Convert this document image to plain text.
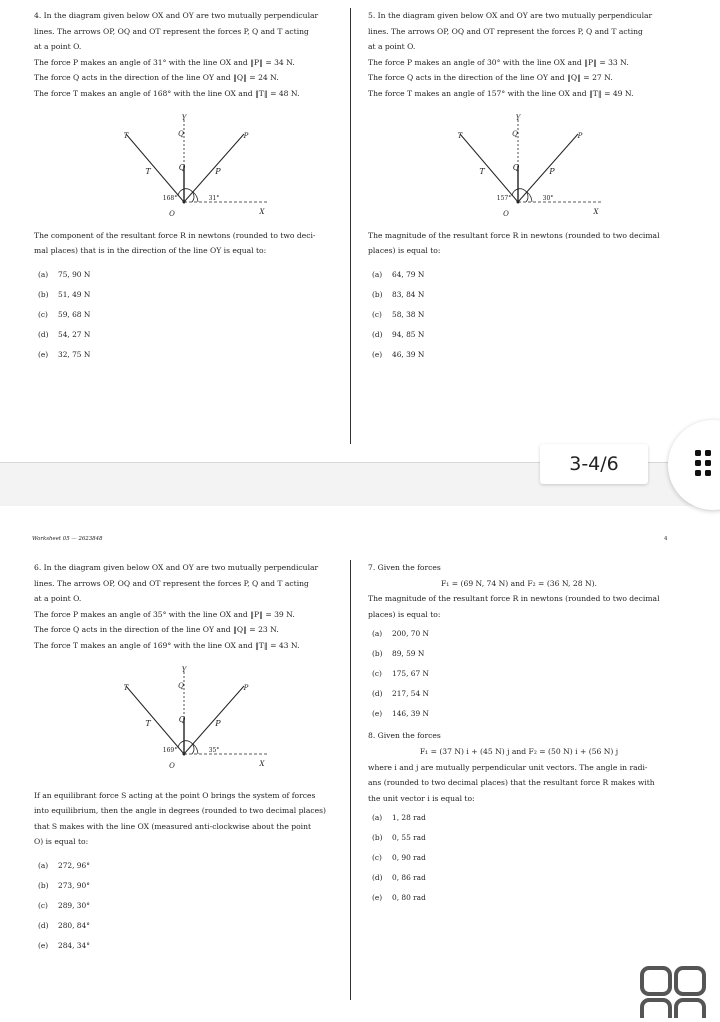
4. In the diagram given below OX and OY are two mutually perpendicular

lines. The arrows OP, OQ and OT represent the forces P, Q and T acting

at a point O.

The force P makes an angle of 31° with the line OX and ‖P‖ = 34 N.

The force Q acts in the direction of the line OY and ‖Q‖ = 24 N.

The force T makes an angle of 168° with the line OX and ‖T‖ = 48 N.

Y
Q
T	P
T	Q	P
O	X
168°	31°

The component of the resultant force R in newtons (rounded to two deci-

mal places) that is in the direction of the line OY is equal to:

(a) 75, 90 N
(b) 51, 49 N
(c) 59, 68 N
(d) 54, 27 N
(e) 32, 75 N

5. In the diagram given below OX and OY are two mutually perpendicular

lines. The arrows OP, OQ and OT represent the forces P, Q and T acting

at a point O.

The force P makes an angle of 30° with the line OX and ‖P‖ = 33 N.

The force Q acts in the direction of the line OY and ‖Q‖ = 27 N.

The force T makes an angle of 157° with the line OX and ‖T‖ = 49 N.

Y
Q
T	P
T	Q	P
O	X
157°	30°

The magnitude of the resultant force R in newtons (rounded to two decimal

places) is equal to:

(a) 64, 79 N
(b) 83, 84 N
(c) 58, 38 N
(d) 94, 85 N
(e) 46, 39 N
Worksheet 05 — 2623848	4

6. In the diagram given below OX and OY are two mutually perpendicular

lines. The arrows OP, OQ and OT represent the forces P, Q and T acting

at a point O.

The force P makes an angle of 35° with the line OX and ‖P‖ = 39 N.

The force Q acts in the direction of the line OY and ‖Q‖ = 23 N.

The force T makes an angle of 169° with the line OX and ‖T‖ = 43 N.

Y
Q
T	P
T	Q	P
O	X
169°	35°

If an equilibrant force S acting at the point O brings the system of forces

into equilibrium, then the angle in degrees (rounded to two decimal places)

that S makes with the line OX (measured anti-clockwise about the point

O) is equal to:

(a) 272, 96°
(b) 273, 90°
(c) 289, 30°
(d) 280, 84°
(e) 284, 34°

7. Given the forces

F₁ = (69 N, 74 N) and F₂ = (36 N, 28 N).

The magnitude of the resultant force R in newtons (rounded to two decimal

places) is equal to:

(a) 200, 70 N
(b) 89, 59 N
(c) 175, 67 N
(d) 217, 54 N
(e) 146, 39 N

8. Given the forces

F₁ = (37 N) i + (45 N) j and F₂ = (50 N) i + (56 N) j

where i and j are mutually perpendicular unit vectors. The angle in radi-

ans (rounded to two decimal places) that the resultant force R makes with

the unit vector i is equal to:

(a) 1, 28 rad
(b) 0, 55 rad
(c) 0, 90 rad
(d) 0, 86 rad
(e) 0, 80 rad
3-4/6
